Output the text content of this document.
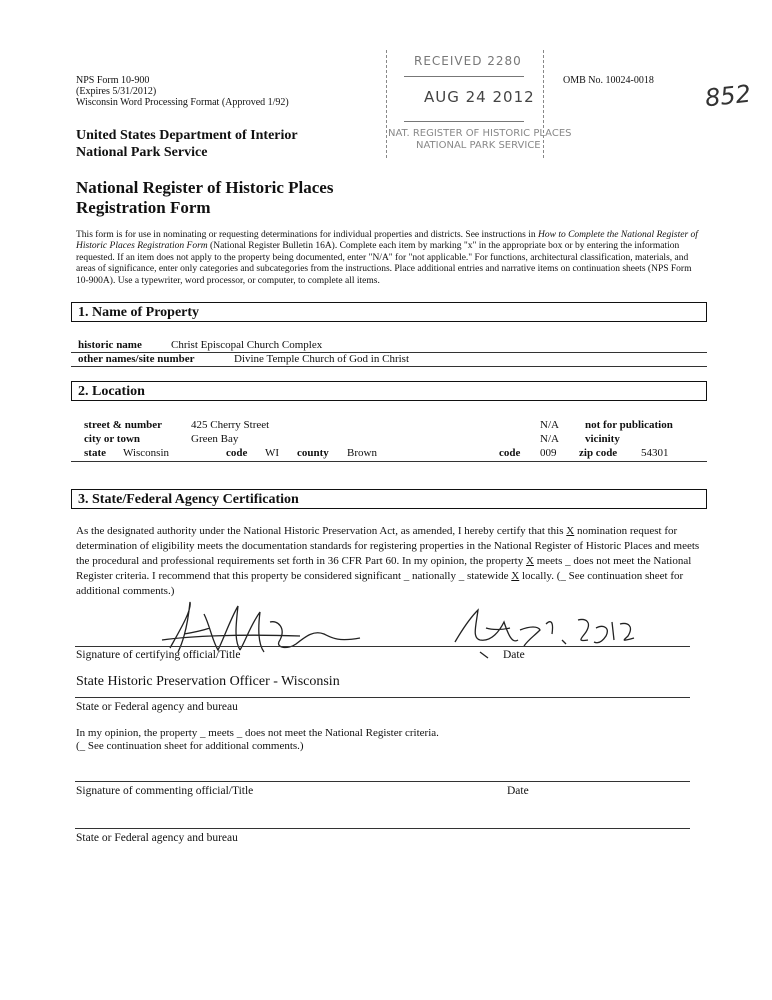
NPS Form 10-900
(Expires 5/31/2012)
Wisconsin Word Processing Format (Approved 1/92)
United States Department of Interior
National Park Service
OMB No. 10024-0018 852
RECEIVED 2280
AUG 24 2012
NAT. REGISTER OF HISTORIC PLACES
NATIONAL PARK SERVICE
National Register of Historic Places
Registration Form
This form is for use in nominating or requesting determinations for individual properties and districts. See instructions in How to Complete the National Register of Historic Places Registration Form (National Register Bulletin 16A). Complete each item by marking "x" in the appropriate box or by entering the information requested. If an item does not apply to the property being documented, enter "N/A" for "not applicable." For functions, architectural classification, materials, and areas of significance, enter only categories and subcategories from the instructions. Place additional entries and narrative items on continuation sheets (NPS Form 10-900A). Use a typewriter, word processor, or computer, to complete all items.
1. Name of Property
historic name	Christ Episcopal Church Complex
other names/site number	Divine Temple Church of God in Christ
2. Location
street & number	425 Cherry Street	N/A not for publication
city or town	Green Bay	N/A vicinity
state Wisconsin	code WI county Brown	code 009 zip code 54301
3. State/Federal Agency Certification
As the designated authority under the National Historic Preservation Act, as amended, I hereby certify that this X nomination request for determination of eligibility meets the documentation standards for registering properties in the National Register of Historic Places and meets the procedural and professional requirements set forth in 36 CFR Part 60. In my opinion, the property X meets _ does not meet the National Register criteria. I recommend that this property be considered significant _ nationally _ statewide X locally. (_ See continuation sheet for additional comments.)
Signature of certifying official/Title	Date
State Historic Preservation Officer - Wisconsin
State or Federal agency and bureau
In my opinion, the property _ meets _ does not meet the National Register criteria.
(_ See continuation sheet for additional comments.)
Signature of commenting official/Title	Date
State or Federal agency and bureau
